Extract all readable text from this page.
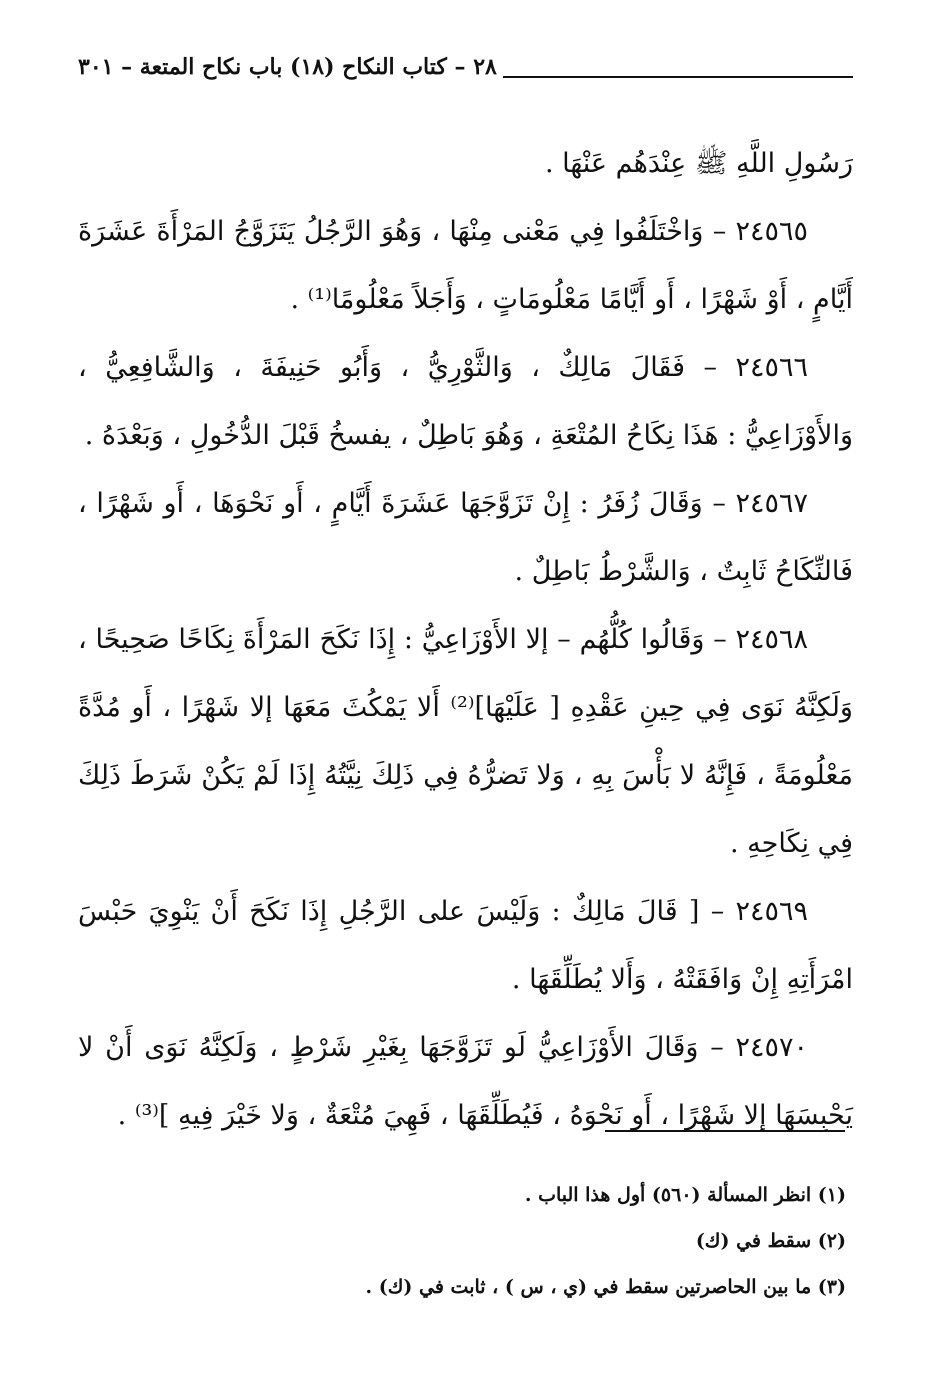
٢٨ – كتاب النكاح (١٨) باب نكاح المتعة – ٣٠١

رَسُولِ اللَّهِ ﷺ عِنْدَهُم عَنْهَا .

٢٤٥٦٥ – وَاخْتَلَفُوا فِي مَعْنى مِنْهَا ، وَهُوَ الرَّجُلُ يَتَزَوَّجُ المَرْأَةَ عَشَرَةَ أَيَّامٍ ، أَوْ شَهْرًا ، أَو أَيَّامًا مَعْلُومَاتٍ ، وَأَجَلاً مَعْلُومًا⁽¹⁾ .

٢٤٥٦٦ – فَقَالَ مَالِكٌ ، وَالثَّوْرِيُّ ، وَأَبُو حَنِيفَةَ ، وَالشَّافِعِيُّ ، وَالأَوْزَاعِيُّ : هَذَا نِكَاحُ المُتْعَةِ ، وَهُوَ بَاطِلٌ ، يفسخُ قَبْلَ الدُّخُولِ ، وَبَعْدَهُ .

٢٤٥٦٧ – وَقَالَ زُفَرُ : إِنْ تَزَوَّجَهَا عَشَرَةَ أَيَّامٍ ، أَو نَحْوَهَا ، أَو شَهْرًا ، فَالنِّكَاحُ ثَابِتٌ ، وَالشَّرْطُ بَاطِلٌ .

٢٤٥٦٨ – وَقَالُوا كُلُّهُم – إلا الأَوْزَاعِيُّ : إِذَا نَكَحَ المَرْأَةَ نِكَاحًا صَحِيحًا ، وَلَكِنَّهُ نَوَى فِي حِينِ عَقْدِهِ [ عَلَيْهَا]⁽²⁾ أَلا يَمْكُثَ مَعَهَا إلا شَهْرًا ، أَو مُدَّةً مَعْلُومَةً ، فَإِنَّهُ لا بَأْسَ بِهِ ، وَلا تَضرُّهُ فِي ذَلِكَ نِيَّتُهُ إِذَا لَمْ يَكُنْ شَرَطَ ذَلِكَ فِي نِكَاحِهِ .

٢٤٥٦٩ – [ قَالَ مَالِكٌ : وَلَيْسَ على الرَّجُلِ إِذَا نَكَحَ أَنْ يَنْوِيَ حَبْسَ امْرَأَتِهِ إِنْ وَافَقَتْهُ ، وَأَلا يُطَلِّقَهَا .

٢٤٥٧٠ – وَقَالَ الأَوْزَاعِيُّ لَو تَزَوَّجَهَا بِغَيْرِ شَرْطٍ ، وَلَكِنَّهُ نَوَى أَنْ لا يَحْبِسَهَا إلا شَهْرًا ، أَو نَحْوَهُ ، فَيُطَلِّقَهَا ، فَهِيَ مُتْعَةٌ ، وَلا خَيْرَ فِيهِ ]⁽³⁾ .

(١) انظر المسألة (٥٦٠) أول هذا الباب .

(٢) سقط في (ك)

(٣) ما بين الحاصرتين سقط في (ي ، س ) ، ثابت في (ك) .
